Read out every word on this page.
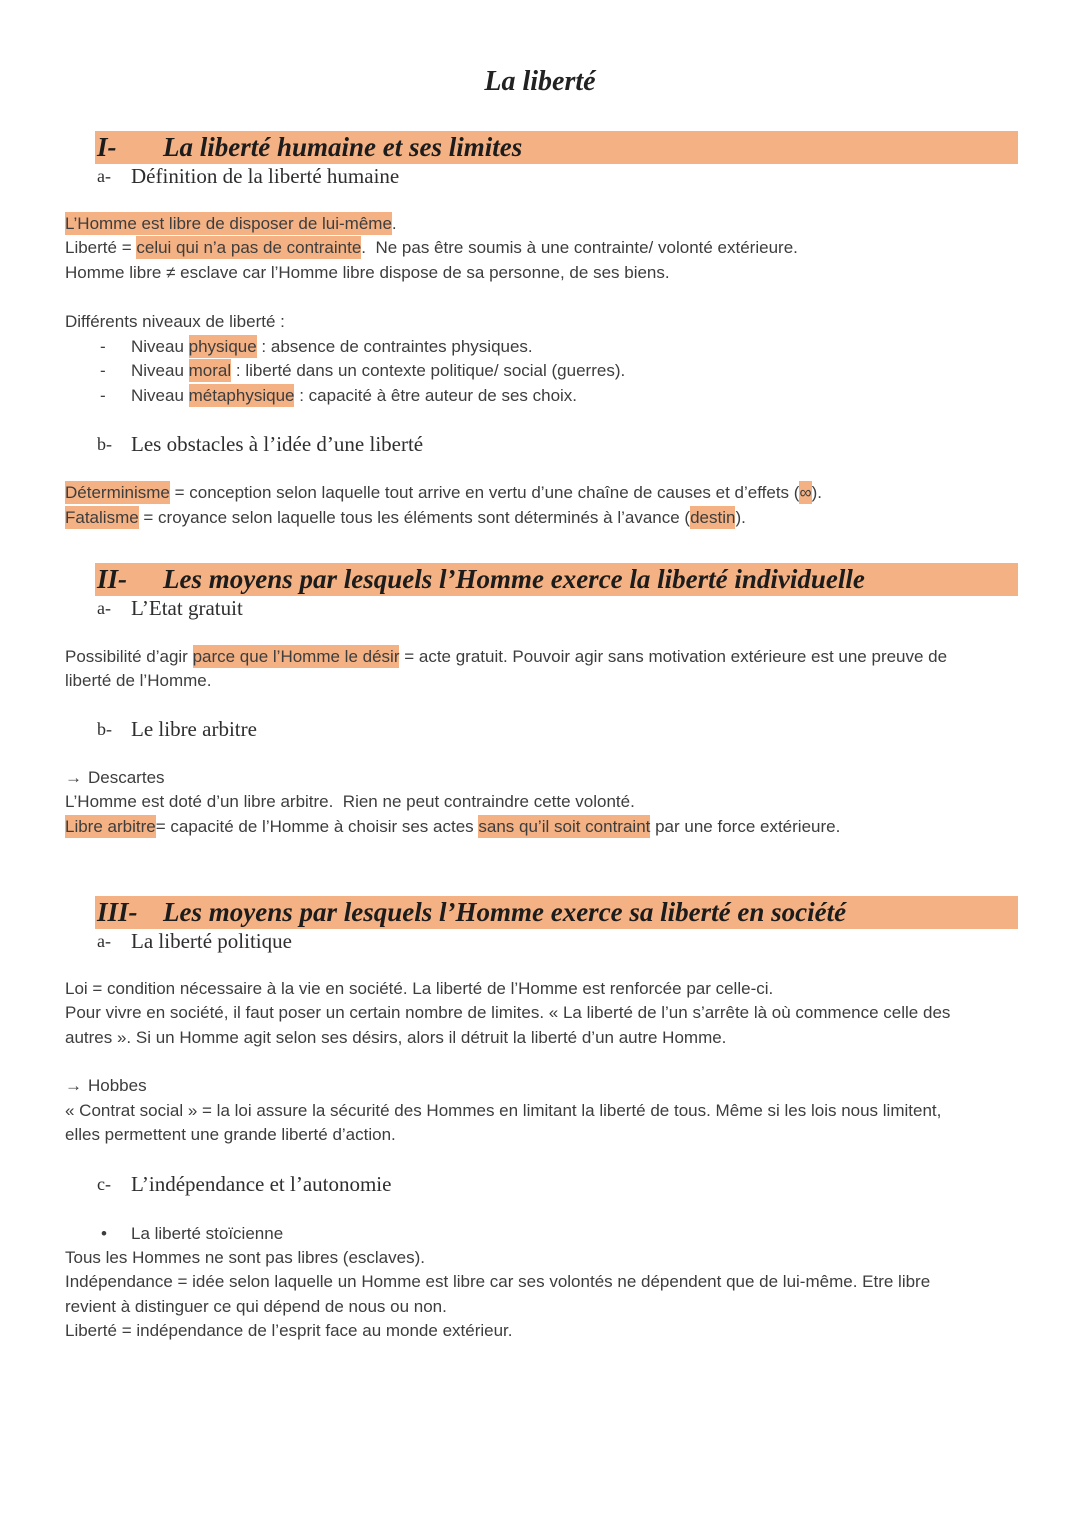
La liberté
I- La liberté humaine et ses limites
a- Définition de la liberté humaine
L’Homme est libre de disposer de lui-même.
Liberté = celui qui n’a pas de contrainte.  Ne pas être soumis à une contrainte/ volonté extérieure.
Homme libre ≠ esclave car l’Homme libre dispose de sa personne, de ses biens.
Différents niveaux de liberté :
- Niveau physique : absence de contraintes physiques.
- Niveau moral : liberté dans un contexte politique/ social (guerres).
- Niveau métaphysique : capacité à être auteur de ses choix.
b- Les obstacles à l’idée d’une liberté
Déterminisme = conception selon laquelle tout arrive en vertu d’une chaîne de causes et d’effets (∞).
Fatalisme = croyance selon laquelle tous les éléments sont déterminés à l’avance (destin).
II- Les moyens par lesquels l’Homme exerce la liberté individuelle
a- L’Etat gratuit
Possibilité d’agir parce que l’Homme le désir = acte gratuit. Pouvoir agir sans motivation extérieure est une preuve de
liberté de l’Homme.
b- Le libre arbitre
→ Descartes
L’Homme est doté d’un libre arbitre.  Rien ne peut contraindre cette volonté.
Libre arbitre= capacité de l’Homme à choisir ses actes sans qu’il soit contraint par une force extérieure.
III- Les moyens par lesquels l’Homme exerce sa liberté en société
a- La liberté politique
Loi = condition nécessaire à la vie en société. La liberté de l’Homme est renforcée par celle-ci.
Pour vivre en société, il faut poser un certain nombre de limites. « La liberté de l’un s’arrête là où commence celle des
autres ». Si un Homme agit selon ses désirs, alors il détruit la liberté d’un autre Homme.
→ Hobbes
« Contrat social » = la loi assure la sécurité des Hommes en limitant la liberté de tous. Même si les lois nous limitent,
elles permettent une grande liberté d’action.
c- L’indépendance et l’autonomie
• La liberté stoïcienne
Tous les Hommes ne sont pas libres (esclaves).
Indépendance = idée selon laquelle un Homme est libre car ses volontés ne dépendent que de lui-même. Etre libre
revient à distinguer ce qui dépend de nous ou non.
Liberté = indépendance de l’esprit face au monde extérieur.
